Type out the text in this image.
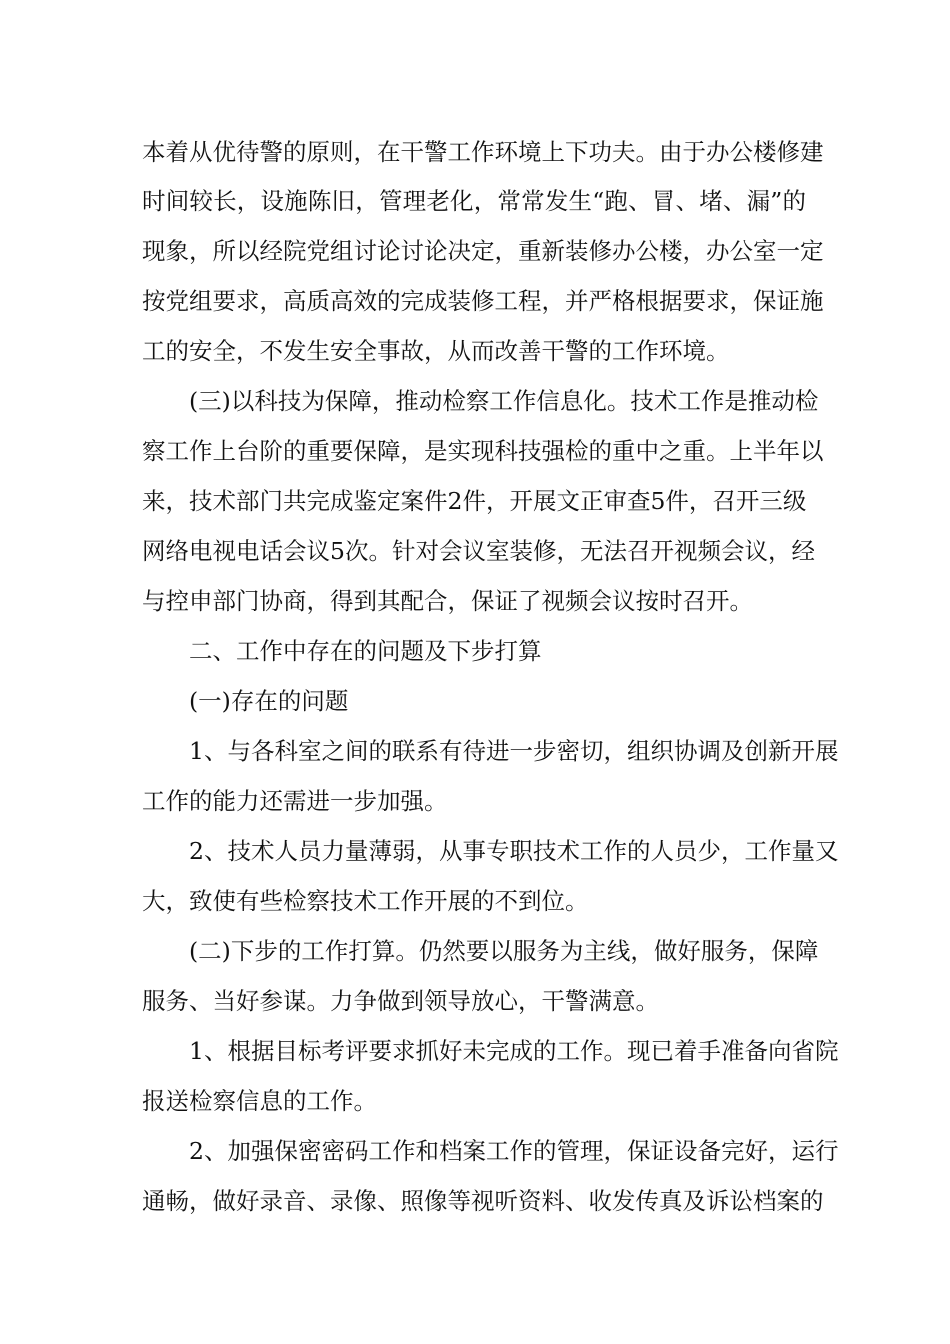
本着从优待警的原则，在干警工作环境上下功夫。由于办公楼修建
时间较长，设施陈旧，管理老化，常常发生“跑、冒、堵、漏”的
现象，所以经院党组讨论讨论决定，重新装修办公楼，办公室一定
按党组要求，高质高效的完成装修工程，并严格根据要求，保证施
工的安全，不发生安全事故，从而改善干警的工作环境。
(三)以科技为保障，推动检察工作信息化。技术工作是推动检
察工作上台阶的重要保障，是实现科技强检的重中之重。上半年以
来，技术部门共完成鉴定案件2件，开展文正审查5件，召开三级
网络电视电话会议5次。针对会议室装修，无法召开视频会议，经
与控申部门协商，得到其配合，保证了视频会议按时召开。
二、工作中存在的问题及下步打算
(一)存在的问题
1、与各科室之间的联系有待进一步密切，组织协调及创新开展
工作的能力还需进一步加强。
2、技术人员力量薄弱，从事专职技术工作的人员少，工作量又
大，致使有些检察技术工作开展的不到位。
(二)下步的工作打算。仍然要以服务为主线，做好服务，保障
服务、当好参谋。力争做到领导放心，干警满意。
1、根据目标考评要求抓好未完成的工作。现已着手准备向省院
报送检察信息的工作。
2、加强保密密码工作和档案工作的管理，保证设备完好，运行
通畅，做好录音、录像、照像等视听资料、收发传真及诉讼档案的
